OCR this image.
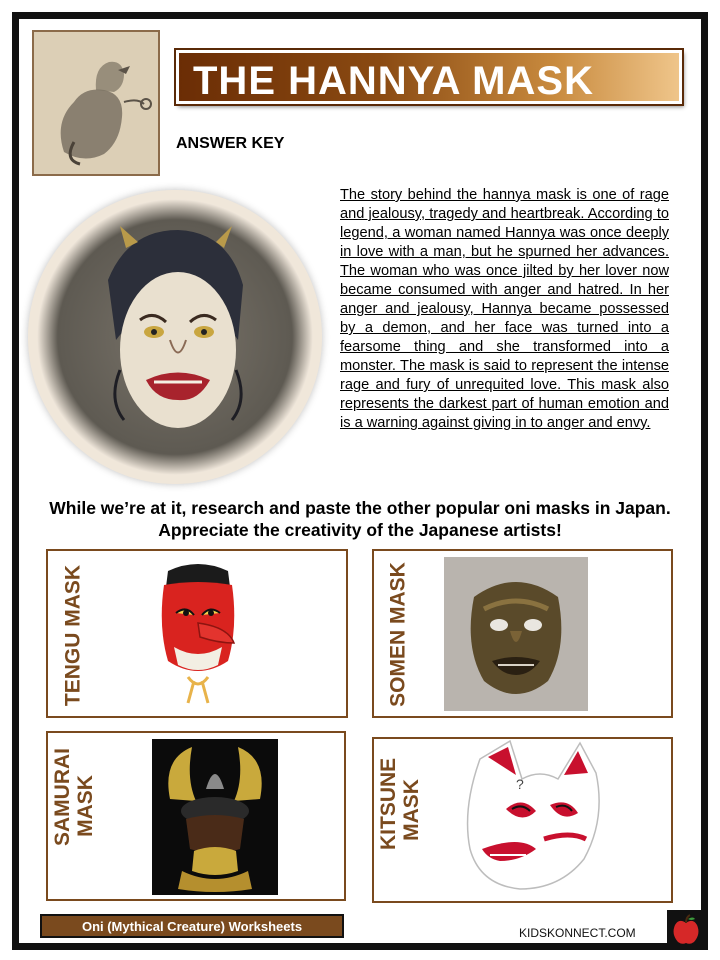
THE HANNYA MASK
ANSWER KEY
The story behind the hannya mask is one of rage and jealousy, tragedy and heartbreak. According to legend, a woman named Hannya was once deeply in love with a man, but he spurned her advances. The woman who was once jilted by her lover now became consumed with anger and hatred. In her anger and jealousy, Hannya became possessed by a demon, and her face was turned into a fearsome thing and she transformed into a monster. The mask is said to represent the intense rage and fury of unrequited love. This mask also represents the darkest part of human emotion and is a warning against giving in to anger and envy.
While we’re at it, research and paste the other popular oni masks in Japan. Appreciate the creativity of the Japanese artists!
TENGU MASK	SOMEN MASK
SAMURAI MASK	KITSUNE MASK	?
Oni (Mythical Creature) Worksheets	KIDSKONNECT.COM
